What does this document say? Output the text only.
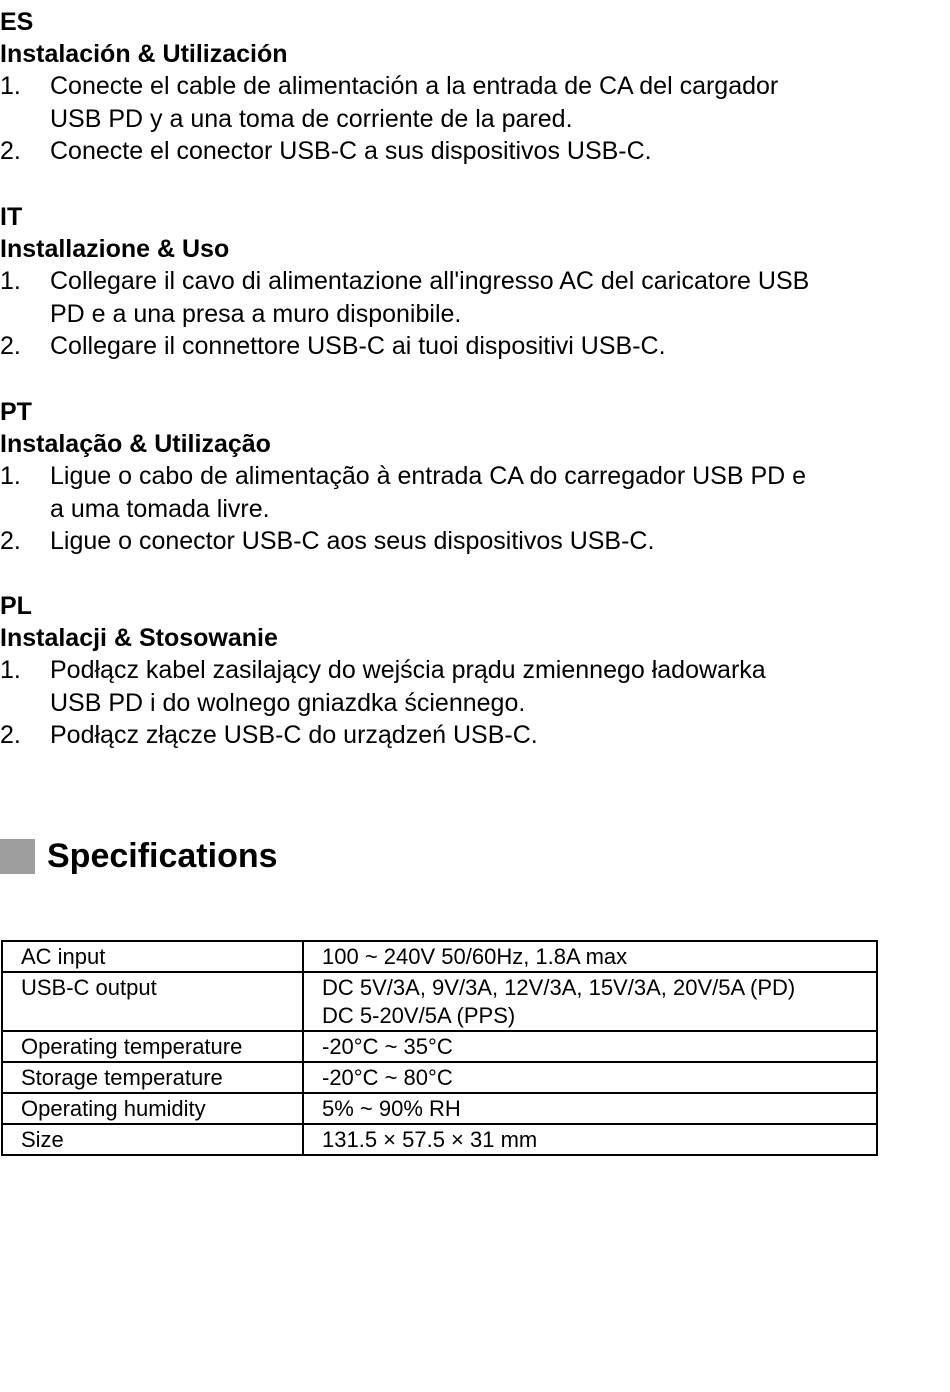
ES
Instalación & Utilización
1. Conecte el cable de alimentación a la entrada de CA del cargador
USB PD y a una toma de corriente de la pared.
2. Conecte el conector USB-C a sus dispositivos USB-C.
IT
Installazione & Uso
1. Collegare il cavo di alimentazione all'ingresso AC del caricatore USB
PD e a una presa a muro disponibile.
2. Collegare il connettore USB-C ai tuoi dispositivi USB-C.
PT
Instalação & Utilização
1. Ligue o cabo de alimentação à entrada CA do carregador USB PD e
a uma tomada livre.
2. Ligue o conector USB-C aos seus dispositivos USB-C.
PL
Instalacji & Stosowanie
1. Podłącz kabel zasilający do wejścia prądu zmiennego ładowarka
USB PD i do wolnego gniazdka ściennego.
2. Podłącz złącze USB-C do urządzeń USB-C.
Specifications
AC input	100 ~ 240V 50/60Hz, 1.8A max

USB-C output	DC 5V/3A, 9V/3A, 12V/3A, 15V/3A, 20V/5A (PD)
DC 5-20V/5A (PPS)

Operating temperature	-20°C ~ 35°C

Storage temperature	-20°C ~ 80°C

Operating humidity	5% ~ 90% RH

Size	131.5 × 57.5 × 31 mm
